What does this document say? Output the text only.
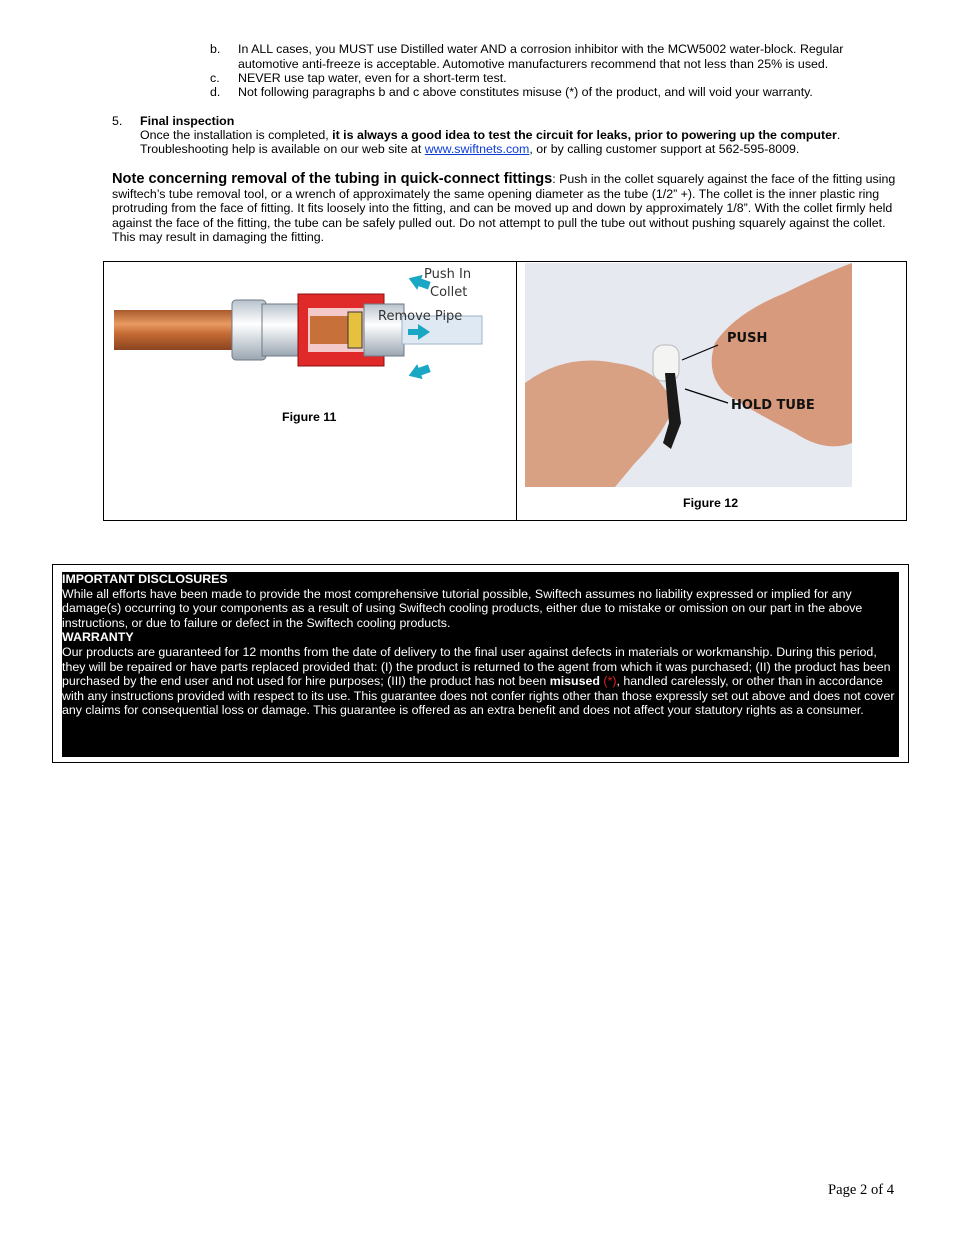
b. In ALL cases, you MUST use Distilled water AND a corrosion inhibitor with the MCW5002 water-block. Regular automotive anti-freeze is acceptable. Automotive manufacturers recommend that not less than 25% is used.
c. NEVER use tap water, even for a short-term test.
d. Not following paragraphs b and c above constitutes misuse (*) of the product, and will void your warranty.
5. Final inspection
Once the installation is completed, it is always a good idea to test the circuit for leaks, prior to powering up the computer.
Troubleshooting help is available on our web site at www.swiftnets.com, or by calling customer support at 562-595-8009.
Note concerning removal of the tubing in quick-connect fittings: Push in the collet squarely against the face of the fitting using swiftech’s tube removal tool, or a wrench of approximately the same opening diameter as the tube (1/2” +). The collet is the inner plastic ring protruding from the face of fitting. It fits loosely into the fitting, and can be moved up and down by approximately 1/8”. With the collet firmly held against the face of the fitting, the tube can be safely pulled out. Do not attempt to pull the tube out without pushing squarely against the collet. This may result in damaging the fitting.
Push In
Collet
Remove Pipe
Figure 11
PUSH
HOLD TUBE
Figure 12

IMPORTANT DISCLOSURES

While all efforts have been made to provide the most comprehensive tutorial possible, Swiftech assumes no liability expressed or implied for any damage(s) occurring to your components as a result of using Swiftech cooling products, either due to mistake or omission on our part in the above instructions, or due to failure or defect in the Swiftech cooling products.

WARRANTY

Our products are guaranteed for 12 months from the date of delivery to the final user against defects in materials or workmanship. During this period, they will be repaired or have parts replaced provided that: (I) the product is returned to the agent from which it was purchased; (II) the product has been purchased by the end user and not used for hire purposes; (III) the product has not been misused (*), handled carelessly, or other than in accordance with any instructions provided with respect to its use. This guarantee does not confer rights other than those expressly set out above and does not cover any claims for consequential loss or damage. This guarantee is offered as an extra benefit and does not affect your statutory rights as a consumer.

Page 2 of 4
